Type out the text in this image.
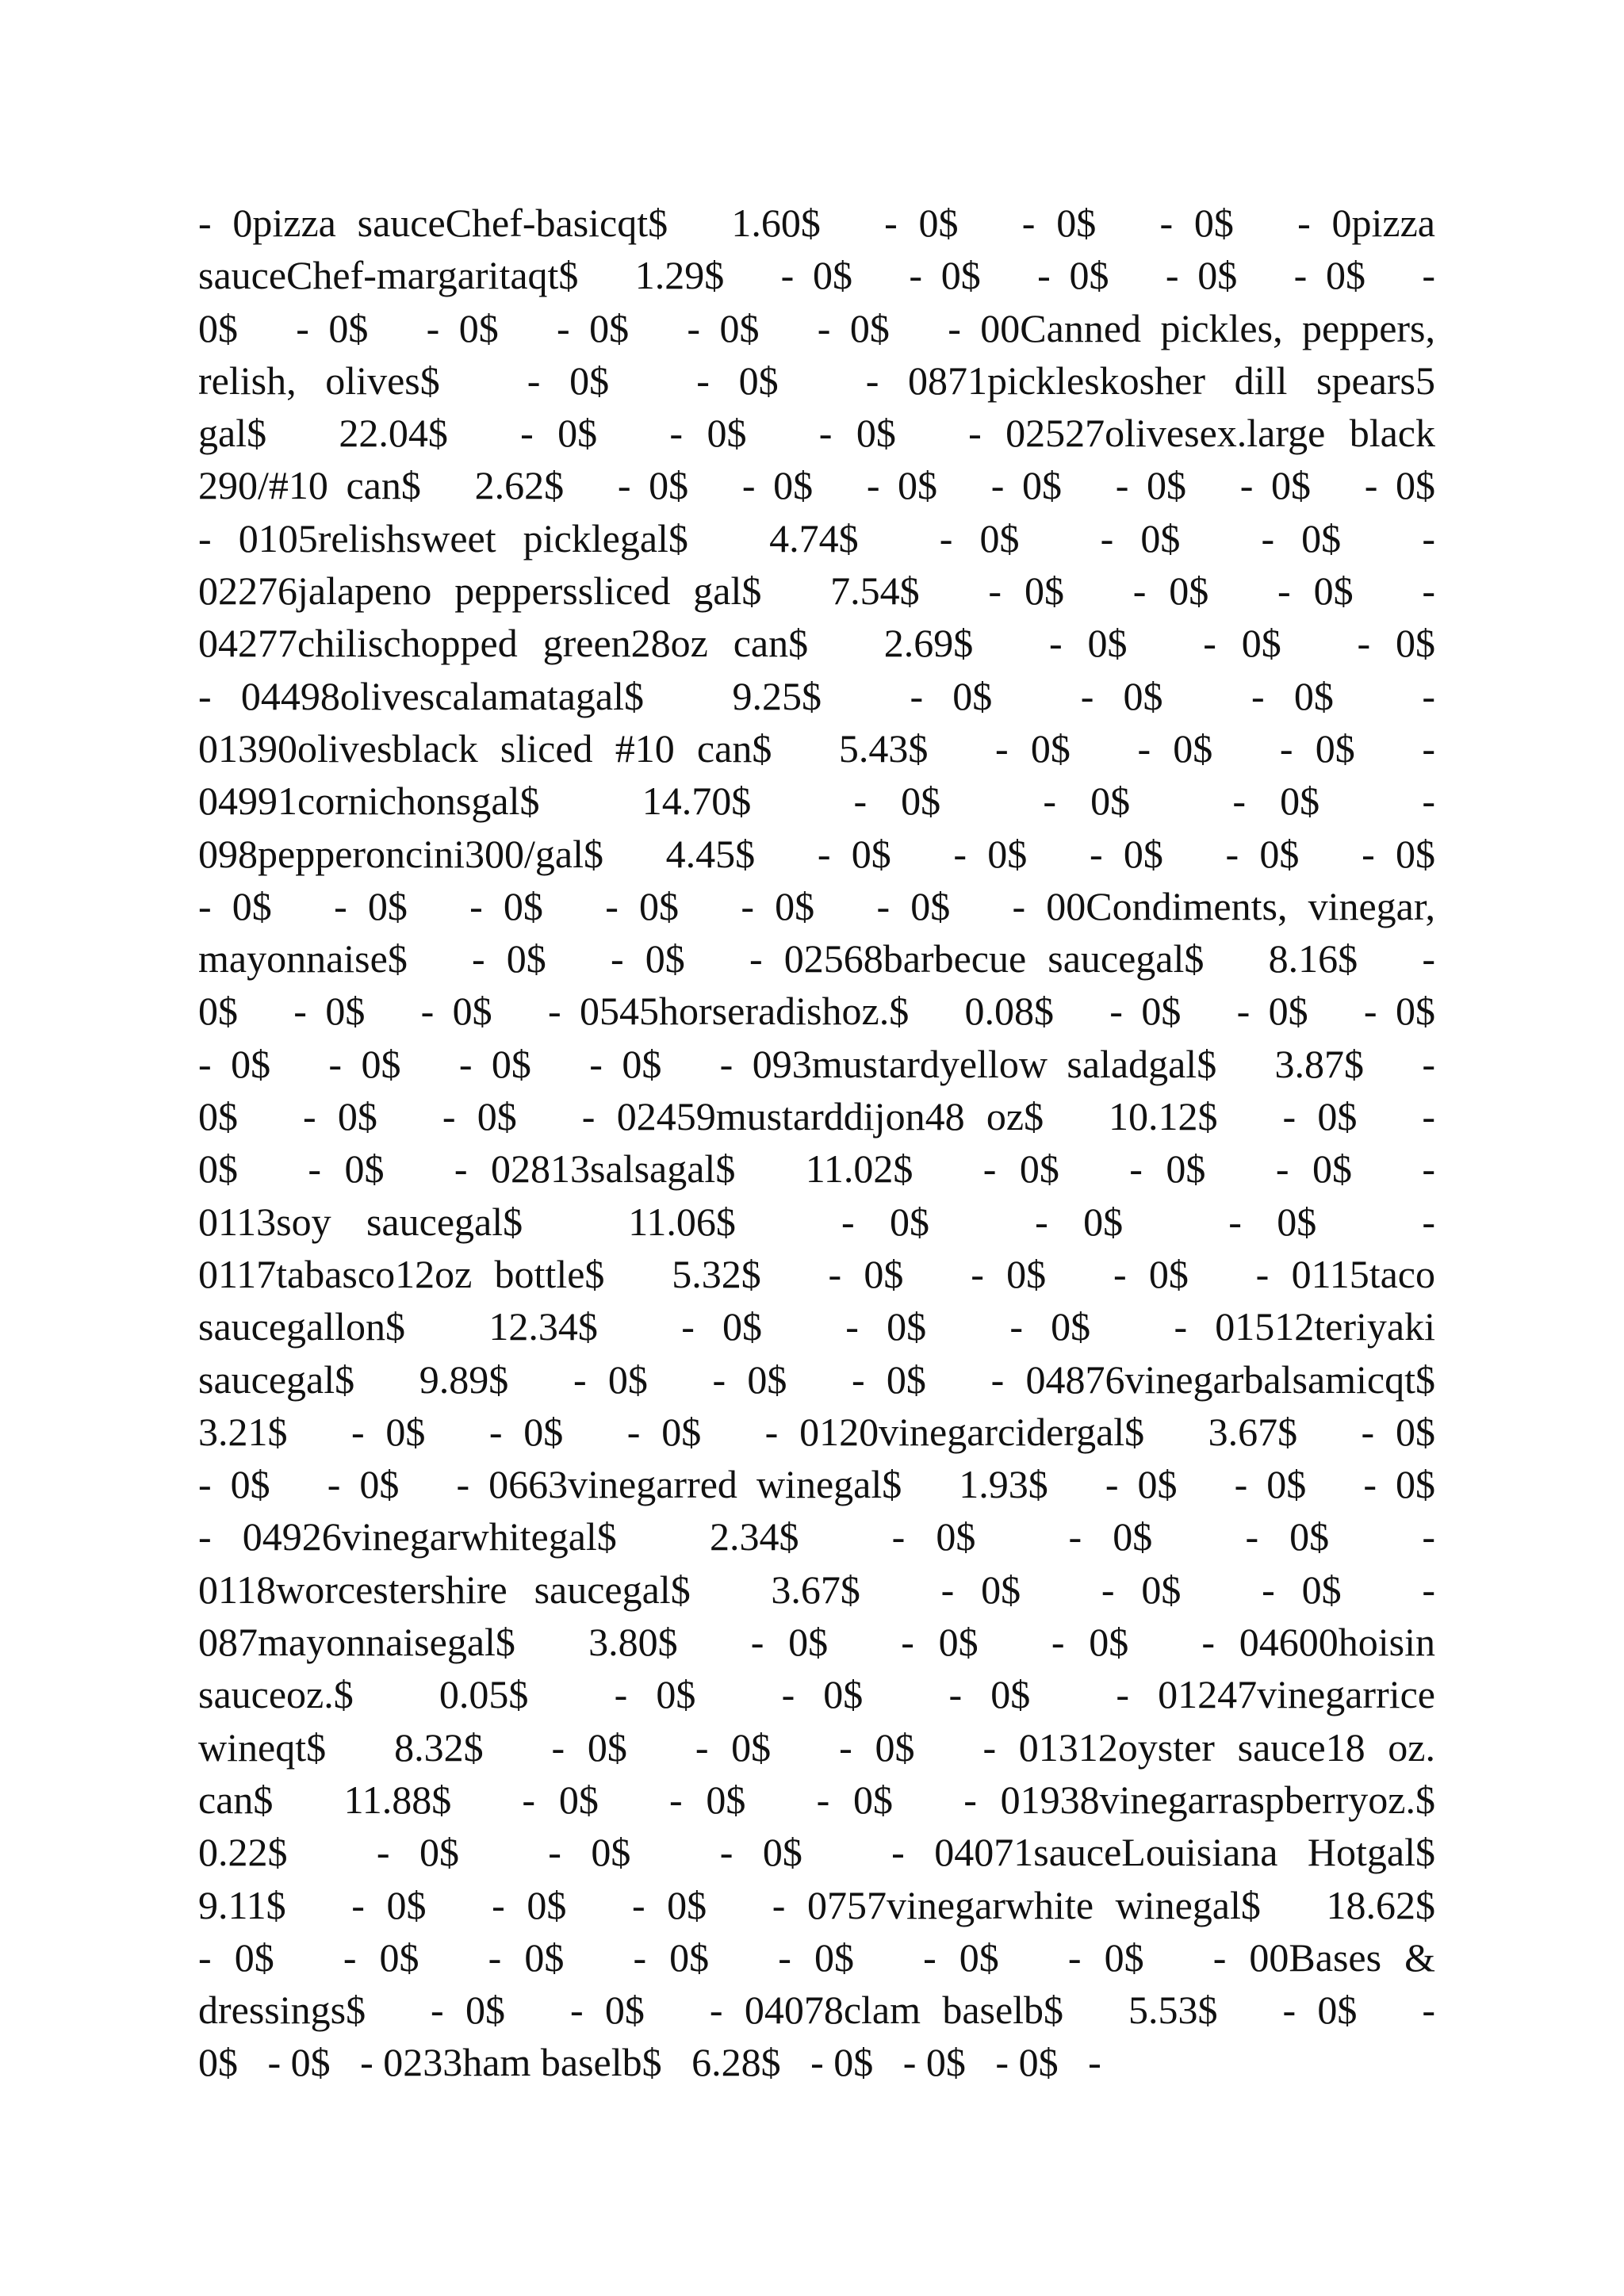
- 0pizza sauceChef-basicqt$   1.60$   - 0$   - 0$   - 0$   - 0pizza
sauceChef-margaritaqt$   1.29$   - 0$   - 0$   - 0$   - 0$   - 0$   -
0$   - 0$   - 0$   - 0$   - 0$   - 0$   - 00Canned pickles, peppers,
relish, olives$   - 0$   - 0$   - 0871pickleskosher dill spears5
gal$   22.04$   - 0$   - 0$   - 0$   - 02527olivesex.large black
290/#10 can$   2.62$   - 0$   - 0$   - 0$   - 0$   - 0$   - 0$   - 0$
- 0105relishsweet picklegal$   4.74$   - 0$   - 0$   - 0$   -
02276jalapeno pepperssliced gal$   7.54$   - 0$   - 0$   - 0$   -
04277chilischopped green28oz can$   2.69$   - 0$   - 0$   - 0$
- 04498olivescalamatagal$   9.25$   - 0$   - 0$   - 0$   -
01390olivesblack sliced #10 can$   5.43$   - 0$   - 0$   - 0$   -
04991cornichonsgal$   14.70$   - 0$   - 0$   - 0$   -
098pepperoncini300/gal$   4.45$   - 0$   - 0$   - 0$   - 0$   - 0$
- 0$   - 0$   - 0$   - 0$   - 0$   - 0$   - 00Condiments, vinegar,
mayonnaise$   - 0$   - 0$   - 02568barbecue saucegal$   8.16$   -
0$   - 0$   - 0$   - 0545horseradishoz.$   0.08$   - 0$   - 0$   - 0$
- 0$   - 0$   - 0$   - 0$   - 093mustardyellow saladgal$   3.87$   -
0$   - 0$   - 0$   - 02459mustarddijon48 oz$   10.12$   - 0$   -
0$   - 0$   - 02813salsagal$   11.02$   - 0$   - 0$   - 0$   -
0113soy saucegal$   11.06$   - 0$   - 0$   - 0$   -
0117tabasco12oz bottle$   5.32$   - 0$   - 0$   - 0$   - 0115taco
saucegallon$   12.34$   - 0$   - 0$   - 0$   - 01512teriyaki
saucegal$   9.89$   - 0$   - 0$   - 0$   - 04876vinegarbalsamicqt$
3.21$   - 0$   - 0$   - 0$   - 0120vinegarcidergal$   3.67$   - 0$
- 0$   - 0$   - 0663vinegarred winegal$   1.93$   - 0$   - 0$   - 0$
- 04926vinegarwhitegal$   2.34$   - 0$   - 0$   - 0$   -
0118worcestershire saucegal$   3.67$   - 0$   - 0$   - 0$   -
087mayonnaisegal$   3.80$   - 0$   - 0$   - 0$   - 04600hoisin
sauceoz.$   0.05$   - 0$   - 0$   - 0$   - 01247vinegarrice
wineqt$   8.32$   - 0$   - 0$   - 0$   - 01312oyster sauce18 oz.
can$   11.88$   - 0$   - 0$   - 0$   - 01938vinegarraspberryoz.$
0.22$   - 0$   - 0$   - 0$   - 04071sauceLouisiana Hotgal$
9.11$   - 0$   - 0$   - 0$   - 0757vinegarwhite winegal$   18.62$
- 0$   - 0$   - 0$   - 0$   - 0$   - 0$   - 0$   - 00Bases &
dressings$   - 0$   - 0$   - 04078clam baselb$   5.53$   - 0$   -
0$   - 0$   - 0233ham baselb$   6.28$   - 0$   - 0$   - 0$   -
